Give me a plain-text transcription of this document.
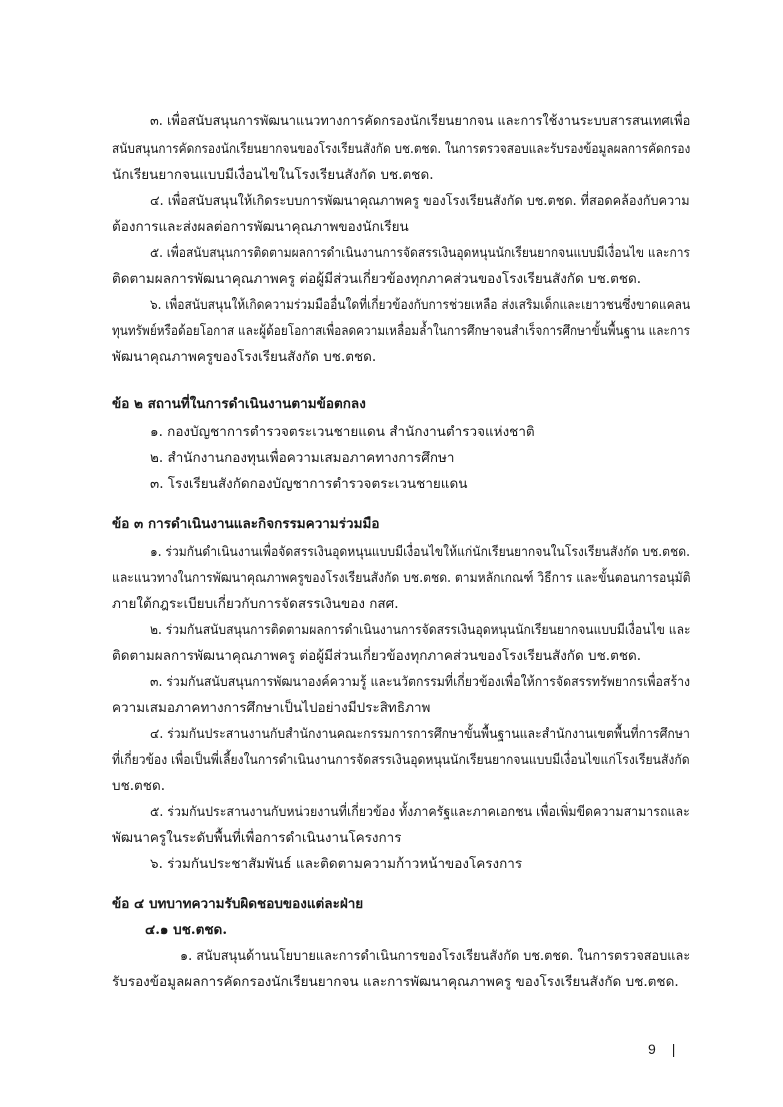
๓. เพื่อสนับสนุนการพัฒนาแนวทางการคัดกรองนักเรียนยากจน และการใช้งานระบบสารสนเทศเพื่อ
สนับสนุนการคัดกรองนักเรียนยากจนของโรงเรียนสังกัด บช.ตชด. ในการตรวจสอบและรับรองข้อมูลผลการคัดกรอง
นักเรียนยากจนแบบมีเงื่อนไขในโรงเรียนสังกัด บช.ตชด.
๔. เพื่อสนับสนุนให้เกิดระบบการพัฒนาคุณภาพครู ของโรงเรียนสังกัด บช.ตชด. ที่สอดคล้องกับความ
ต้องการและส่งผลต่อการพัฒนาคุณภาพของนักเรียน
๕. เพื่อสนับสนุนการติดตามผลการดำเนินงานการจัดสรรเงินอุดหนุนนักเรียนยากจนแบบมีเงื่อนไข และการ
ติดตามผลการพัฒนาคุณภาพครู ต่อผู้มีส่วนเกี่ยวข้องทุกภาคส่วนของโรงเรียนสังกัด บช.ตชด.
๖. เพื่อสนับสนุนให้เกิดความร่วมมืออื่นใดที่เกี่ยวข้องกับการช่วยเหลือ ส่งเสริมเด็กและเยาวชนซึ่งขาดแคลน
ทุนทรัพย์หรือด้อยโอกาส และผู้ด้อยโอกาสเพื่อลดความเหลื่อมล้ำในการศึกษาจนสำเร็จการศึกษาขั้นพื้นฐาน และการ
พัฒนาคุณภาพครูของโรงเรียนสังกัด บช.ตชด.
ข้อ ๒ สถานที่ในการดำเนินงานตามข้อตกลง
๑. กองบัญชาการตำรวจตระเวนชายแดน สำนักงานตำรวจแห่งชาติ
๒. สำนักงานกองทุนเพื่อความเสมอภาคทางการศึกษา
๓. โรงเรียนสังกัดกองบัญชาการตำรวจตระเวนชายแดน
ข้อ ๓ การดำเนินงานและกิจกรรมความร่วมมือ
๑. ร่วมกันดำเนินงานเพื่อจัดสรรเงินอุดหนุนแบบมีเงื่อนไขให้แก่นักเรียนยากจนในโรงเรียนสังกัด บช.ตชด.
และแนวทางในการพัฒนาคุณภาพครูของโรงเรียนสังกัด บช.ตชด. ตามหลักเกณฑ์ วิธีการ และขั้นตอนการอนุมัติ
ภายใต้กฎระเบียบเกี่ยวกับการจัดสรรเงินของ กสศ.
๒. ร่วมกันสนับสนุนการติดตามผลการดำเนินงานการจัดสรรเงินอุดหนุนนักเรียนยากจนแบบมีเงื่อนไข และ
ติดตามผลการพัฒนาคุณภาพครู ต่อผู้มีส่วนเกี่ยวข้องทุกภาคส่วนของโรงเรียนสังกัด บช.ตชด.
๓. ร่วมกันสนับสนุนการพัฒนาองค์ความรู้ และนวัตกรรมที่เกี่ยวข้องเพื่อให้การจัดสรรทรัพยากรเพื่อสร้าง
ความเสมอภาคทางการศึกษาเป็นไปอย่างมีประสิทธิภาพ
๔. ร่วมกันประสานงานกับสำนักงานคณะกรรมการการศึกษาขั้นพื้นฐานและสำนักงานเขตพื้นที่การศึกษา
ที่เกี่ยวข้อง เพื่อเป็นพี่เลี้ยงในการดำเนินงานการจัดสรรเงินอุดหนุนนักเรียนยากจนแบบมีเงื่อนไขแก่โรงเรียนสังกัด
บช.ตชด.
๕. ร่วมกันประสานงานกับหน่วยงานที่เกี่ยวข้อง ทั้งภาครัฐและภาคเอกชน เพื่อเพิ่มขีดความสามารถและ
พัฒนาครูในระดับพื้นที่เพื่อการดำเนินงานโครงการ
๖. ร่วมกันประชาสัมพันธ์ และติดตามความก้าวหน้าของโครงการ
ข้อ ๔ บทบาทความรับผิดชอบของแต่ละฝ่าย
๔.๑ บช.ตชด.
๑. สนับสนุนด้านนโยบายและการดำเนินการของโรงเรียนสังกัด บช.ตชด. ในการตรวจสอบและ
รับรองข้อมูลผลการคัดกรองนักเรียนยากจน และการพัฒนาคุณภาพครู ของโรงเรียนสังกัด บช.ตชด.
9 |
